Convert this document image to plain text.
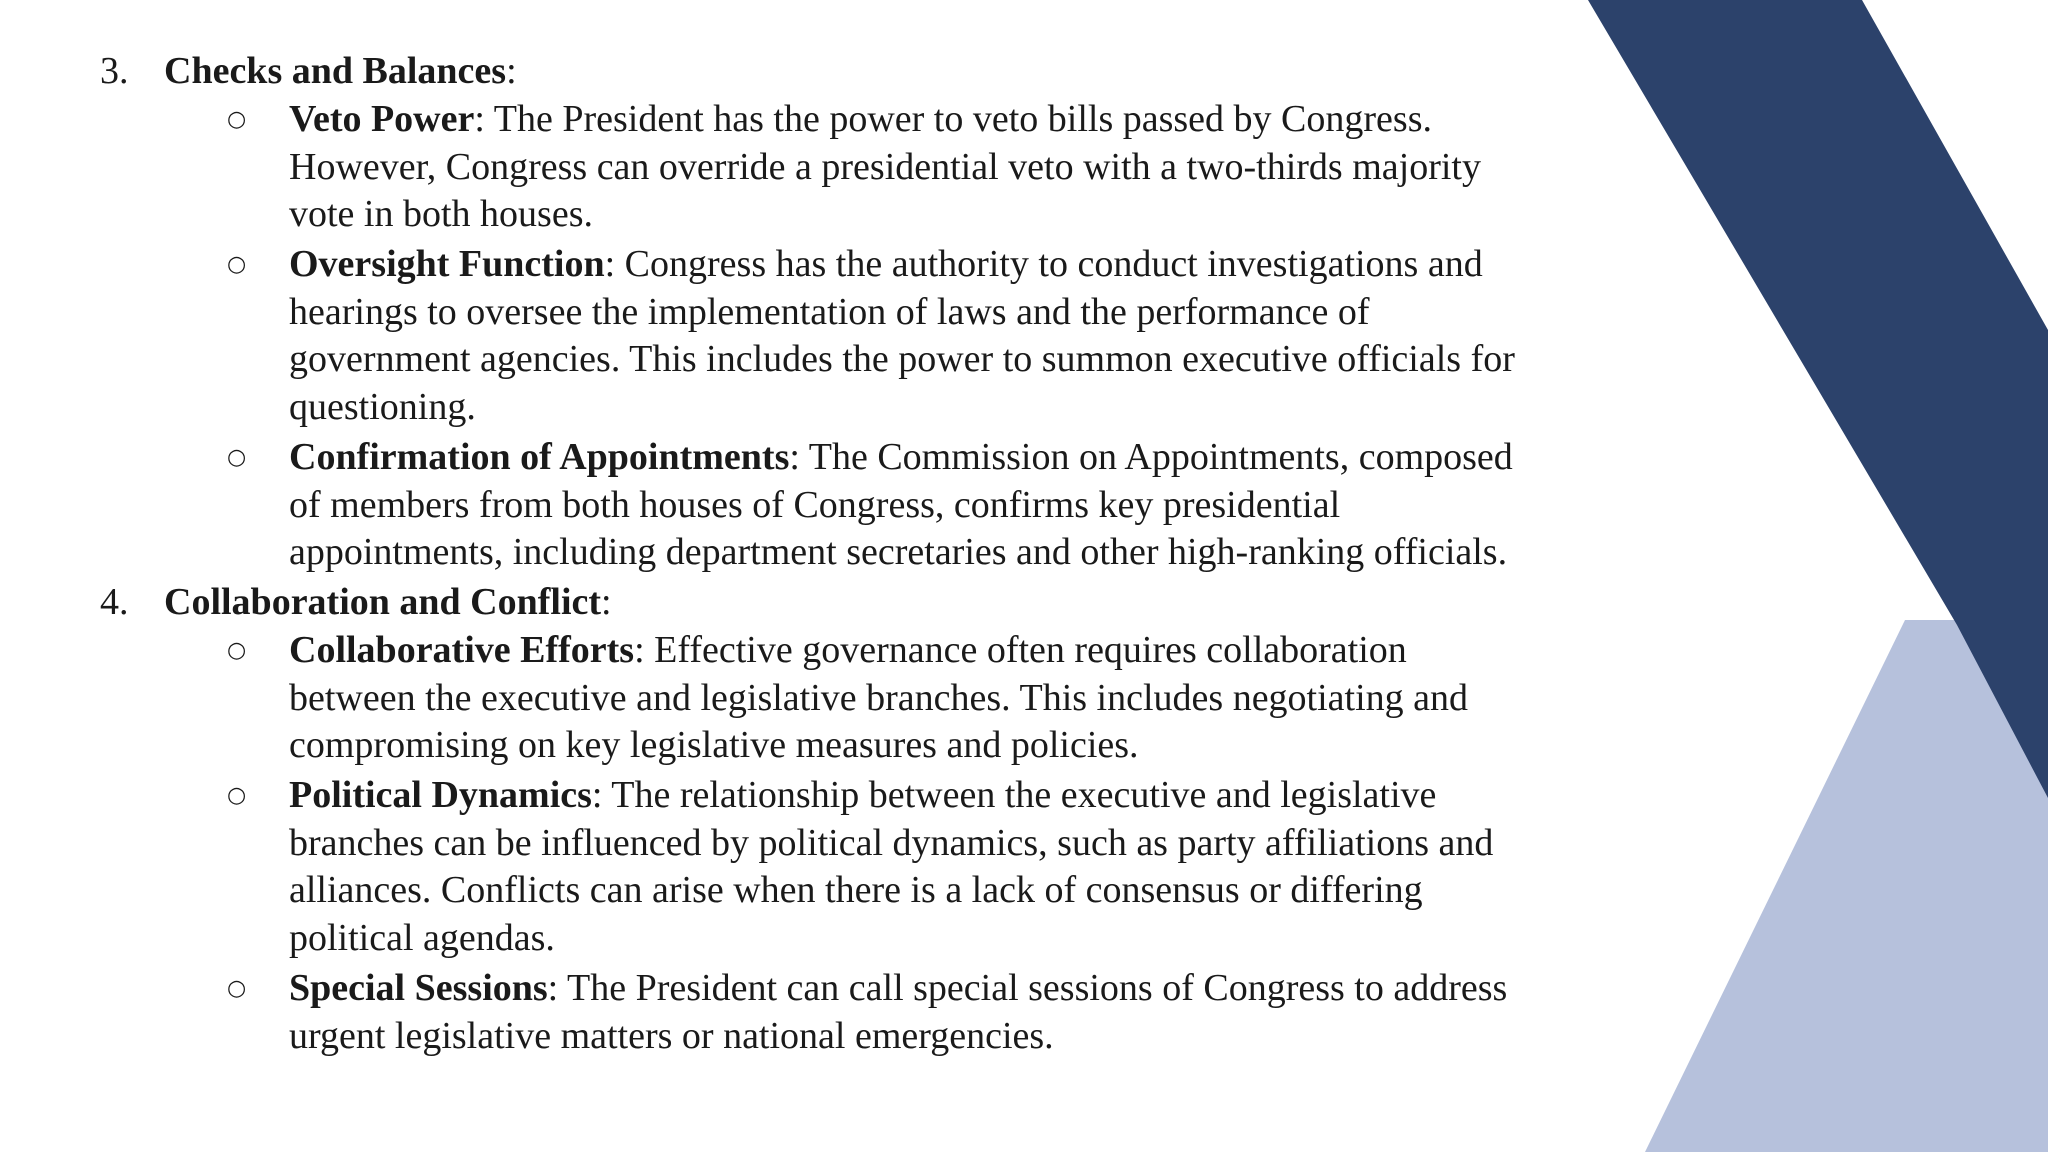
3. Checks and Balances:
○ Veto Power: The President has the power to veto bills passed by Congress.
However, Congress can override a presidential veto with a two-thirds majority
vote in both houses.
○ Oversight Function: Congress has the authority to conduct investigations and
hearings to oversee the implementation of laws and the performance of
government agencies. This includes the power to summon executive officials for
questioning.
○ Confirmation of Appointments: The Commission on Appointments, composed
of members from both houses of Congress, confirms key presidential
appointments, including department secretaries and other high-ranking officials.
4. Collaboration and Conflict:
○ Collaborative Efforts: Effective governance often requires collaboration
between the executive and legislative branches. This includes negotiating and
compromising on key legislative measures and policies.
○ Political Dynamics: The relationship between the executive and legislative
branches can be influenced by political dynamics, such as party affiliations and
alliances. Conflicts can arise when there is a lack of consensus or differing
political agendas.
○ Special Sessions: The President can call special sessions of Congress to address
urgent legislative matters or national emergencies.
